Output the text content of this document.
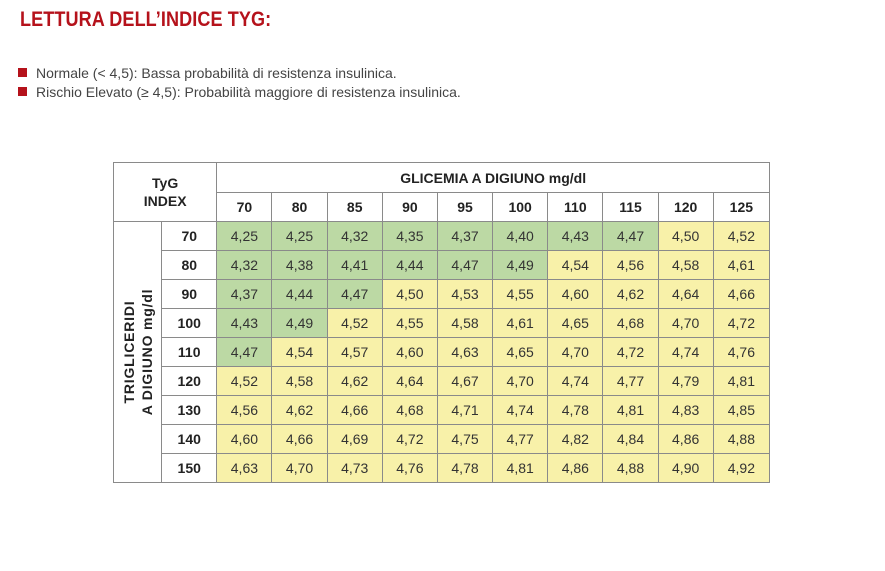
LETTURA DELL’INDICE TYG:
Normale (< 4,5): Bassa probabilità di resistenza insulinica.
Rischio Elevato (≥ 4,5): Probabilità maggiore di resistenza insulinica.
TyG
INDEX		GLICEMIA A DIGIUNO mg/dl									
		70	80	85	90	95	100	110	115	120	125

TRIGLICERIDI A DIGIUNO mg/dl	70	4,25	4,25	4,32	4,35	4,37	4,40	4,43	4,47	4,50	4,52
	80	4,32	4,38	4,41	4,44	4,47	4,49	4,54	4,56	4,58	4,61
	90	4,37	4,44	4,47	4,50	4,53	4,55	4,60	4,62	4,64	4,66
	100	4,43	4,49	4,52	4,55	4,58	4,61	4,65	4,68	4,70	4,72
	110	4,47	4,54	4,57	4,60	4,63	4,65	4,70	4,72	4,74	4,76
	120	4,52	4,58	4,62	4,64	4,67	4,70	4,74	4,77	4,79	4,81
	130	4,56	4,62	4,66	4,68	4,71	4,74	4,78	4,81	4,83	4,85
	140	4,60	4,66	4,69	4,72	4,75	4,77	4,82	4,84	4,86	4,88
	150	4,63	4,70	4,73	4,76	4,78	4,81	4,86	4,88	4,90	4,92
